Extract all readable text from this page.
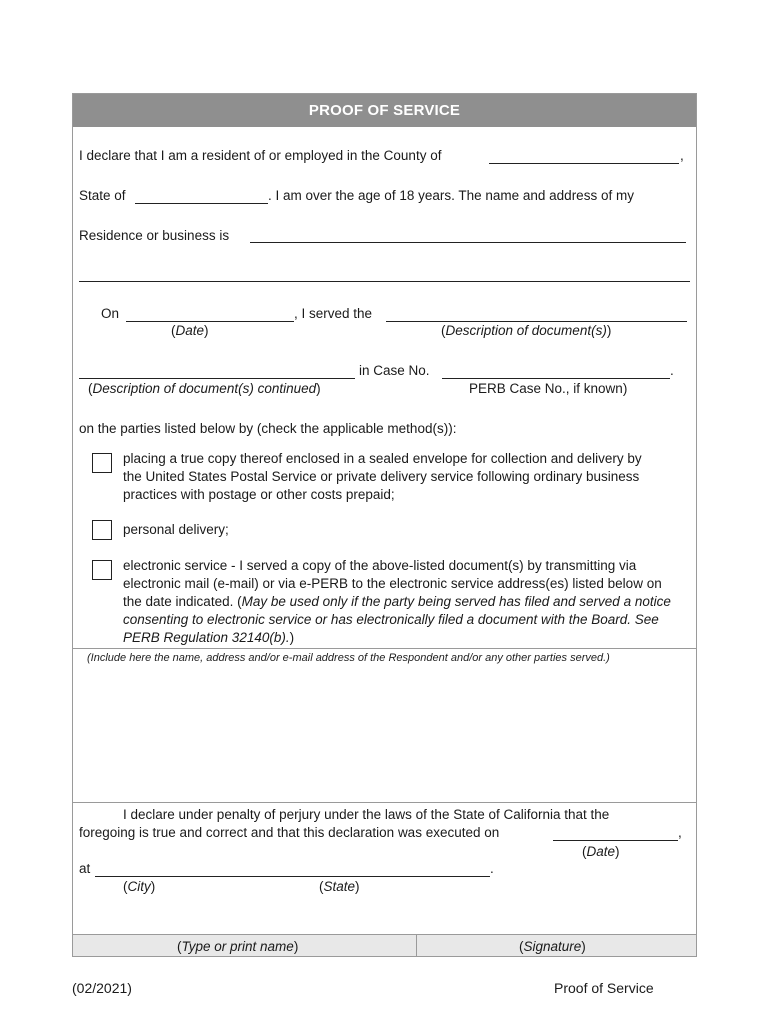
PROOF OF SERVICE
I declare that I am a resident of or employed in the County of	,
State of	. I am over the age of 18 years. The name and address of my
Residence or business is
On	, I served the
(Date)	(Description of document(s))
in Case No.	.
(Description of document(s) continued)	PERB Case No., if known)
on the parties listed below by (check the applicable method(s)):
placing a true copy thereof enclosed in a sealed envelope for collection and delivery by the United States Postal Service or private delivery service following ordinary business practices with postage or other costs prepaid;
personal delivery;
electronic service - I served a copy of the above-listed document(s) by transmitting via electronic mail (e-mail) or via e-PERB to the electronic service address(es) listed below on the date indicated. (May be used only if the party being served has filed and served a notice consenting to electronic service or has electronically filed a document with the Board. See PERB Regulation 32140(b).)
(Include here the name, address and/or e-mail address of the Respondent and/or any other parties served.)
I declare under penalty of perjury under the laws of the State of California that the
foregoing is true and correct and that this declaration was executed on	,
(Date)
at	.
(City)	(State)
(Type or print name)	(Signature)
(02/2021)	Proof of Service
